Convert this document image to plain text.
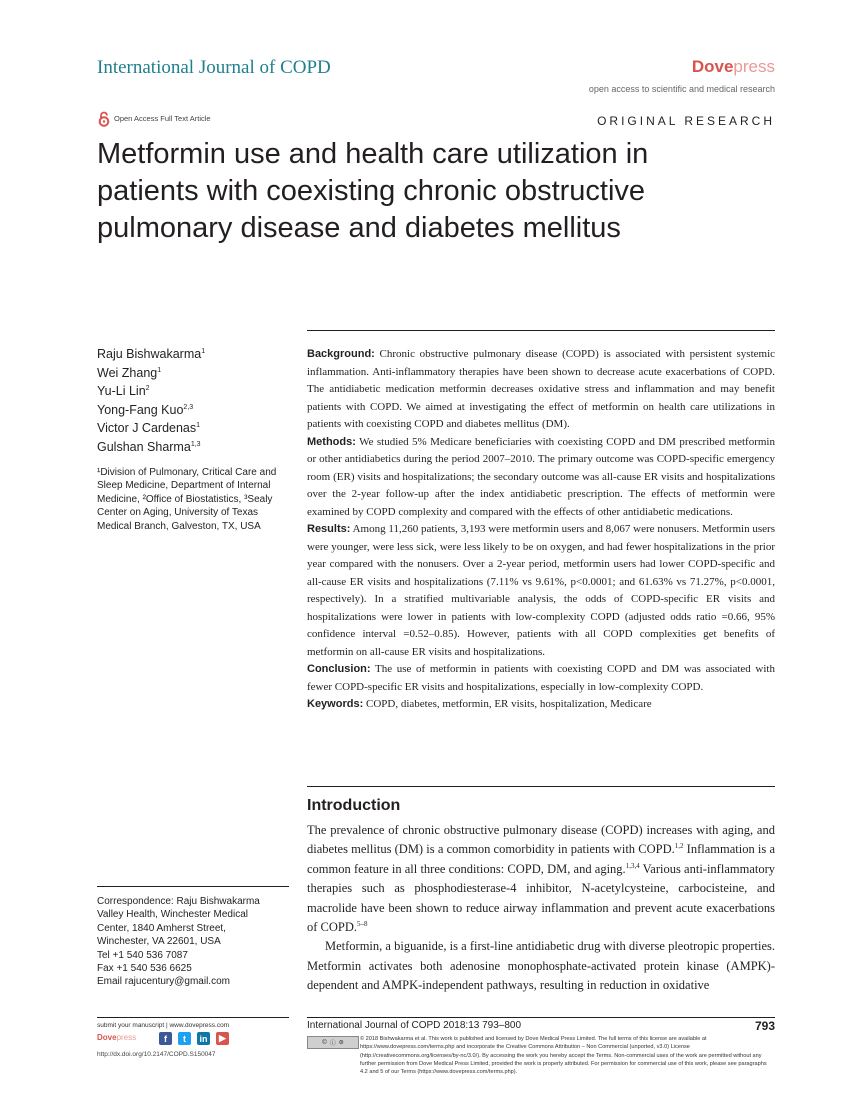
International Journal of COPD	Dovepress
open access to scientific and medical research
Open Access Full Text Article	ORIGINAL RESEARCH
Metformin use and health care utilization in patients with coexisting chronic obstructive pulmonary disease and diabetes mellitus
Raju Bishwakarma$^1$
Wei Zhang$^1$
Yu-Li Lin$^2$
Yong-Fang Kuo$^{2,3}$
Victor J Cardenas$^1$
Gulshan Sharma$^{1,3}$
¹Division of Pulmonary, Critical Care and Sleep Medicine, Department of Internal Medicine, ²Office of Biostatistics, ³Sealy Center on Aging, University of Texas Medical Branch, Galveston, TX, USA

Background: Chronic obstructive pulmonary disease (COPD) is associated with persistent systemic inflammation. Anti-inflammatory therapies have been shown to decrease acute exacerbations of COPD. The antidiabetic medication metformin decreases oxidative stress and inflammation and may benefit patients with COPD. We aimed at investigating the effect of metformin on health care utilizations in patients with coexisting COPD and diabetes mellitus (DM).

Methods: We studied 5% Medicare beneficiaries with coexisting COPD and DM prescribed metformin or other antidiabetics during the period 2007–2010. The primary outcome was COPD-specific emergency room (ER) visits and hospitalizations; the secondary outcome was all-cause ER visits and hospitalizations over the 2-year follow-up after the index antidiabetic prescription. The effects of metformin were examined by COPD complexity and compared with the effects of other antidiabetic medications.

Results: Among 11,260 patients, 3,193 were metformin users and 8,067 were nonusers. Metformin users were younger, were less sick, were less likely to be on oxygen, and had fewer hospitalizations in the prior year compared with the nonusers. Over a 2-year period, metformin users had lower COPD-specific and all-cause ER visits and hospitalizations (7.11% vs 9.61%, p<0.0001; and 61.63% vs 71.27%, p<0.0001, respectively). In a stratified multivariable analysis, the odds of COPD-specific ER visits and hospitalizations were lower in patients with low-complexity COPD (adjusted odds ratio =0.66, 95% confidence interval =0.52–0.85). However, patients with all COPD complexities get benefits of metformin on all-cause ER visits and hospitalizations.

Conclusion: The use of metformin in patients with coexisting COPD and DM was associated with fewer COPD-specific ER visits and hospitalizations, especially in low-complexity COPD.

Keywords: COPD, diabetes, metformin, ER visits, hospitalization, Medicare

Introduction

The prevalence of chronic obstructive pulmonary disease (COPD) increases with aging, and diabetes mellitus (DM) is a common comorbidity in patients with COPD.$^{1,2}$ Inflammation is a common feature in all three conditions: COPD, DM, and aging.$^{1,3,4}$ Various anti-inflammatory therapies such as phosphodiesterase-4 inhibitor, N-acetylcysteine, carbocisteine, and macrolide have been shown to reduce airway inflammation and prevent acute exacerbations of COPD.$^{5-8}$

Metformin, a biguanide, is a first-line antidiabetic drug with diverse pleotropic properties. Metformin activates both adenosine monophosphate-activated protein kinase (AMPK)-dependent and AMPK-independent pathways, resulting in reduction in oxidative

Correspondence: Raju Bishwakarma
Valley Health, Winchester Medical
Center, 1840 Amherst Street,
Winchester, VA 22601, USA
Tel +1 540 536 7087
Fax +1 540 536 6625
Email rajucentury@gmail.com
submit your manuscript | www.dovepress.com
Dovepress	f	t	in	▶
http://dx.doi.org/10.2147/COPD.S150047
International Journal of COPD 2018:13 793–800	793
© ⓘ ⊜
© 2018 Bishwakarma et al. This work is published and licensed by Dove Medical Press Limited. The full terms of this license are available at https://www.dovepress.com/terms.php and incorporate the Creative Commons Attribution – Non Commercial (unported, v3.0) License (http://creativecommons.org/licenses/by-nc/3.0/). By accessing the work you hereby accept the Terms. Non-commercial uses of the work are permitted without any further permission from Dove Medical Press Limited, provided the work is properly attributed. For permission for commercial use of this work, please see paragraphs 4.2 and 5 of our Terms (https://www.dovepress.com/terms.php).
